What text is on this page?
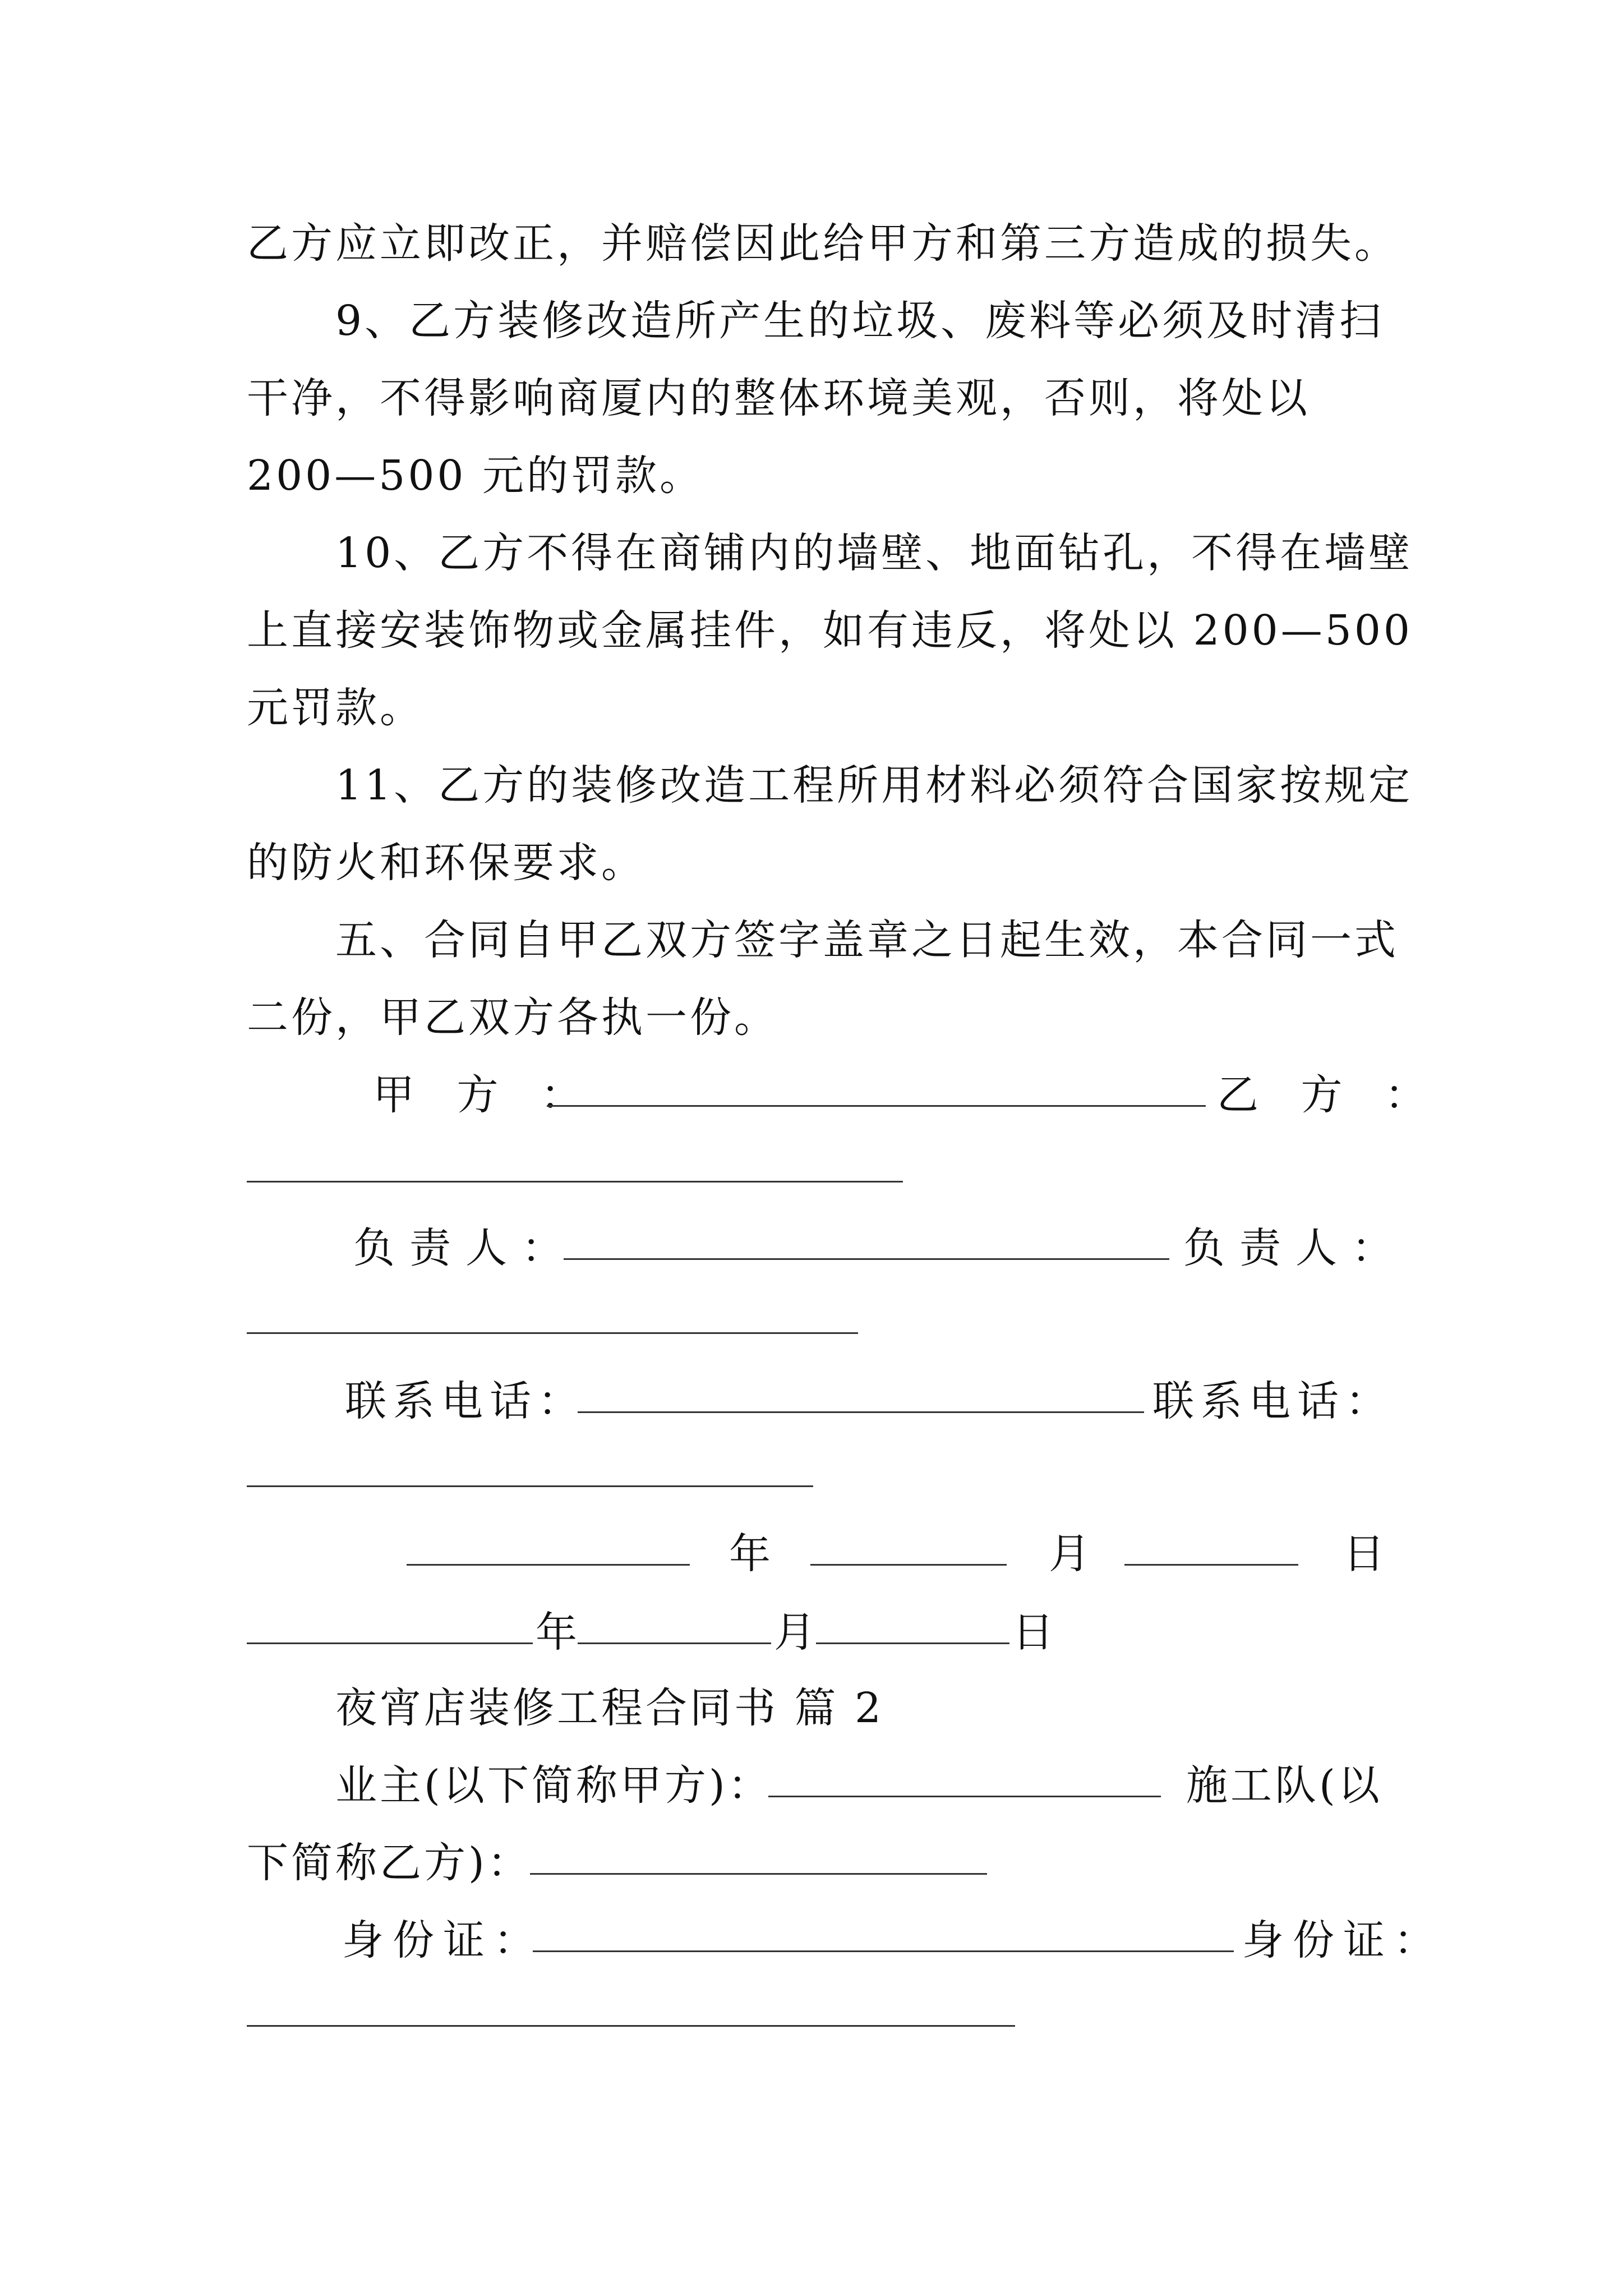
乙方应立即改正，并赔偿因此给甲方和第三方造成的损失。
9、乙方装修改造所产生的垃圾、废料等必须及时清扫
干净，不得影响商厦内的整体环境美观，否则，将处以
200—500 元的罚款。
10、乙方不得在商铺内的墙壁、地面钻孔，不得在墙壁
上直接安装饰物或金属挂件，如有违反，将处以 200—500
元罚款。
11、乙方的装修改造工程所用材料必须符合国家按规定
的防火和环保要求。
五、合同自甲乙双方签字盖章之日起生效，本合同一式
二份，甲乙双方各执一份。
甲 方 ：	乙 方 ：
负责人：	负责人：
联系电话：	联系电话：
年	月	日
年	月	日
夜宵店装修工程合同书 篇 2
业主(以下简称甲方)：	施工队(以
下简称乙方)：
身份证：	身份证：
